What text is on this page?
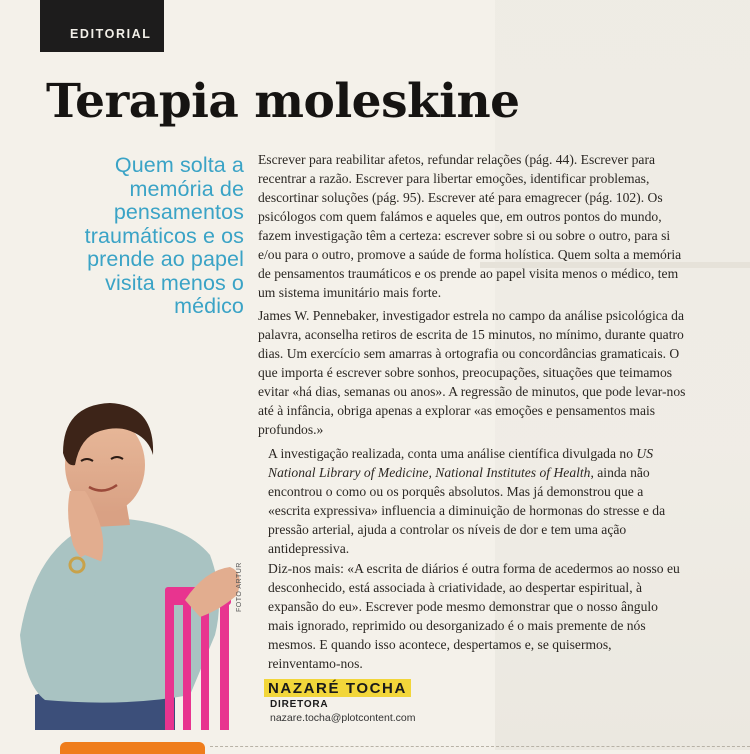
EDITORIAL
Terapia moleskine

Quem solta a memória de pensamentos traumáticos e os prende ao papel visita menos o médico

Escrever para reabilitar afetos, refundar relações (pág. 44). Escrever para recentrar a razão. Escrever para libertar emoções, identificar problemas, descortinar soluções (pág. 95). Escrever até para emagrecer (pág. 102). Os psicólogos com quem falámos e aqueles que, em outros pontos do mundo, fazem investigação têm a certeza: escrever sobre si ou sobre o outro, para si e/ou para o outro, promove a saúde de forma holística. Quem solta a memória de pensamentos traumáticos e os prende ao papel visita menos o médico, tem um sistema imunitário mais forte.

James W. Pennebaker, investigador estrela no campo da análise psicológica da palavra, aconselha retiros de escrita de 15 minutos, no mínimo, durante quatro dias. Um exercício sem amarras à ortografia ou concordâncias gramaticais. O que importa é escrever sobre sonhos, preocupações, situações que teimamos evitar «há dias, semanas ou anos». A regressão de minutos, que pode levar-nos até à infância, obriga apenas a explorar «as emoções e pensamentos mais profundos.»

A investigação realizada, conta uma análise científica divulgada no US National Library of Medicine, National Institutes of Health, ainda não encontrou o como ou os porquês absolutos. Mas já demonstrou que a «escrita expressiva» influencia a diminuição de hormonas do stresse e da pressão arterial, ajuda a controlar os níveis de dor e tem uma ação antidepressiva.

Diz-nos mais: «A escrita de diários é outra forma de acedermos ao nosso eu desconhecido, está associada à criatividade, ao despertar espiritual, à expansão do eu». Escrever pode mesmo demonstrar que o nosso ângulo mais ignorado, reprimido ou desorganizado é o mais premente de nós mesmos. E quando isso acontece, despertamos e, se quisermos, reinventamo-nos.

FOTO ARTUR
NAZARÉ TOCHA
DIRETORA
nazare.tocha@plotcontent.com
